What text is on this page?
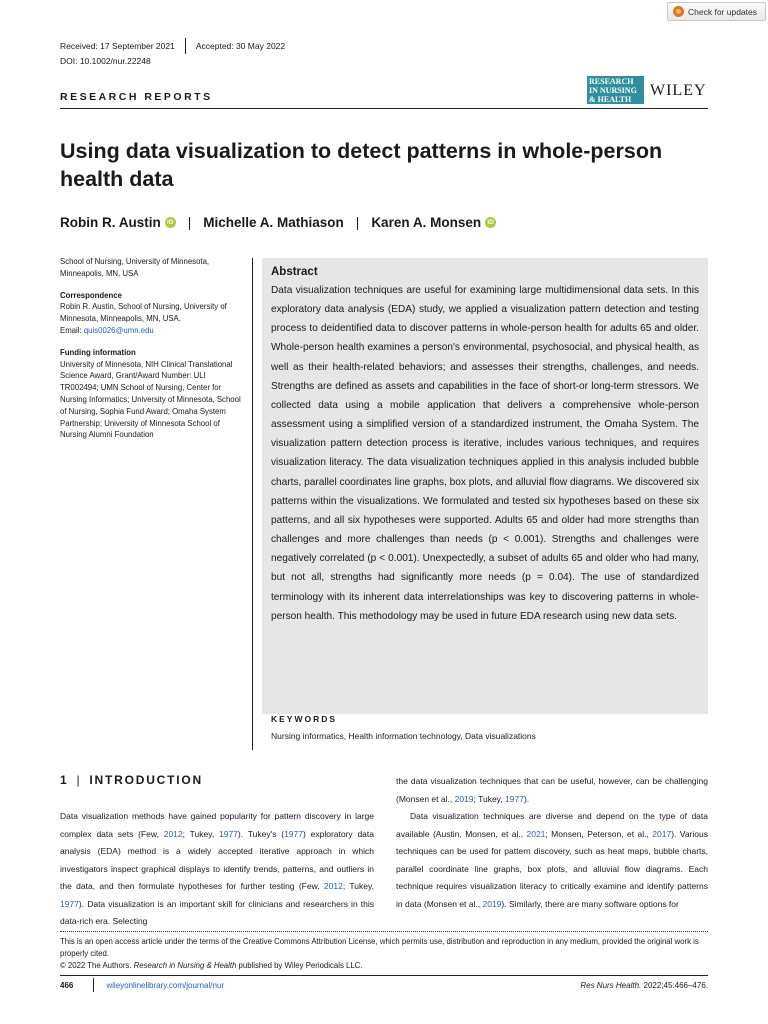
Check for updates
Received: 17 September 2021 Accepted: 30 May 2022
DOI: 10.1002/nur.22248
RESEARCH REPORTS
RESEARCH IN NURSING & HEALTH
WILEY
Using data visualization to detect patterns in whole-person health data
Robin R. Austin iD | Michelle A. Mathiason | Karen A. Monsen iD
School of Nursing, University of Minnesota, Minneapolis, MN, USA
Correspondence
Robin R. Austin, School of Nursing, University of Minnesota, Minneapolis, MN, USA.
Email: quis0026@umn.edu
Funding information
University of Minnesota, NIH Clinical Translational Science Award, Grant/Award Number: ULI TR002494; UMN School of Nursing, Center for Nursing Informatics; University of Minnesota, School of Nursing, Sophia Fund Award; Omaha System Partnership; University of Minnesota School of Nursing Alumni Foundation
Abstract

Data visualization techniques are useful for examining large multidimensional data sets. In this exploratory data analysis (EDA) study, we applied a visualization pattern detection and testing process to deidentified data to discover patterns in whole-person health for adults 65 and older. Whole-person health examines a person's environmental, psychosocial, and physical health, as well as their health-related behaviors; and assesses their strengths, challenges, and needs. Strengths are defined as assets and capabilities in the face of short-or long-term stressors. We collected data using a mobile application that delivers a comprehensive whole-person assessment using a simplified version of a standardized instrument, the Omaha System. The visualization pattern detection process is iterative, includes various techniques, and requires visualization literacy. The data visualization techniques applied in this analysis included bubble charts, parallel coordinates line graphs, box plots, and alluvial flow diagrams. We discovered six patterns within the visualizations. We formulated and tested six hypotheses based on these six patterns, and all six hypotheses were supported. Adults 65 and older had more strengths than challenges and more challenges than needs (p < 0.001). Strengths and challenges were negatively correlated (p < 0.001). Unexpectedly, a subset of adults 65 and older who had many, but not all, strengths had significantly more needs (p = 0.04). The use of standardized terminology with its inherent data interrelationships was key to discovering patterns in whole-person health. This methodology may be used in future EDA research using new data sets.

KEYWORDS
Nursing informatics, Health information technology, Data visualizations
1 | INTRODUCTION

Data visualization methods have gained popularity for pattern discovery in large complex data sets (Few, 2012; Tukey, 1977). Tukey's (1977) exploratory data analysis (EDA) method is a widely accepted iterative approach in which investigators inspect graphical displays to identify trends, patterns, and outliers in the data, and then formulate hypotheses for further testing (Few, 2012; Tukey, 1977). Data visualization is an important skill for clinicians and researchers in this data-rich era. Selecting

the data visualization techniques that can be useful, however, can be challenging (Monsen et al., 2019; Tukey, 1977).

Data visualization techniques are diverse and depend on the type of data available (Austin, Monsen, et al., 2021; Monsen, Peterson, et al., 2017). Various techniques can be used for pattern discovery, such as heat maps, bubble charts, parallel coordinate line graphs, box plots, and alluvial flow diagrams. Each technique requires visualization literacy to critically examine and identify patterns in data (Monsen et al., 2019). Similarly, there are many software options for

This is an open access article under the terms of the Creative Commons Attribution License, which permits use, distribution and reproduction in any medium, provided the original work is properly cited.
© 2022 The Authors. Research in Nursing & Health published by Wiley Periodicals LLC.
466	wileyonlinelibrary.com/journal/nur	Res Nurs Health. 2022;45:466–476.
